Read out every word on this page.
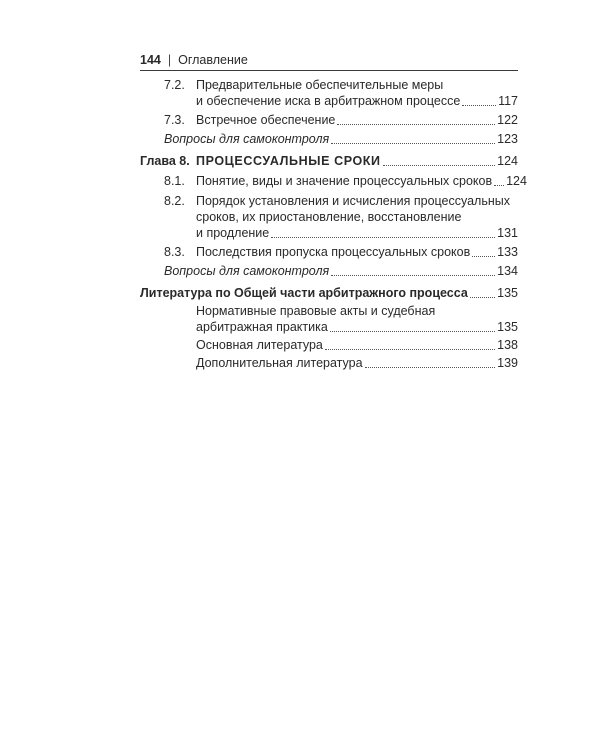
144 | Оглавление
7.2. Предварительные обеспечительные меры
и обеспечение иска в арбитражном процессе	117
7.3. Встречное обеспечение	122
Вопросы для самоконтроля	123
Глава 8. ПРОЦЕССУАЛЬНЫЕ СРОКИ	124
8.1. Понятие, виды и значение процессуальных сроков 124
8.2. Порядок установления и исчисления процессуальных
сроков, их приостановление, восстановление
и продление	131
8.3. Последствия пропуска процессуальных сроков 133
Вопросы для самоконтроля	134
Литература по Общей части арбитражного процесса 135
Нормативные правовые акты и судебная
арбитражная практика	135
Основная литература	138
Дополнительная литература	139
